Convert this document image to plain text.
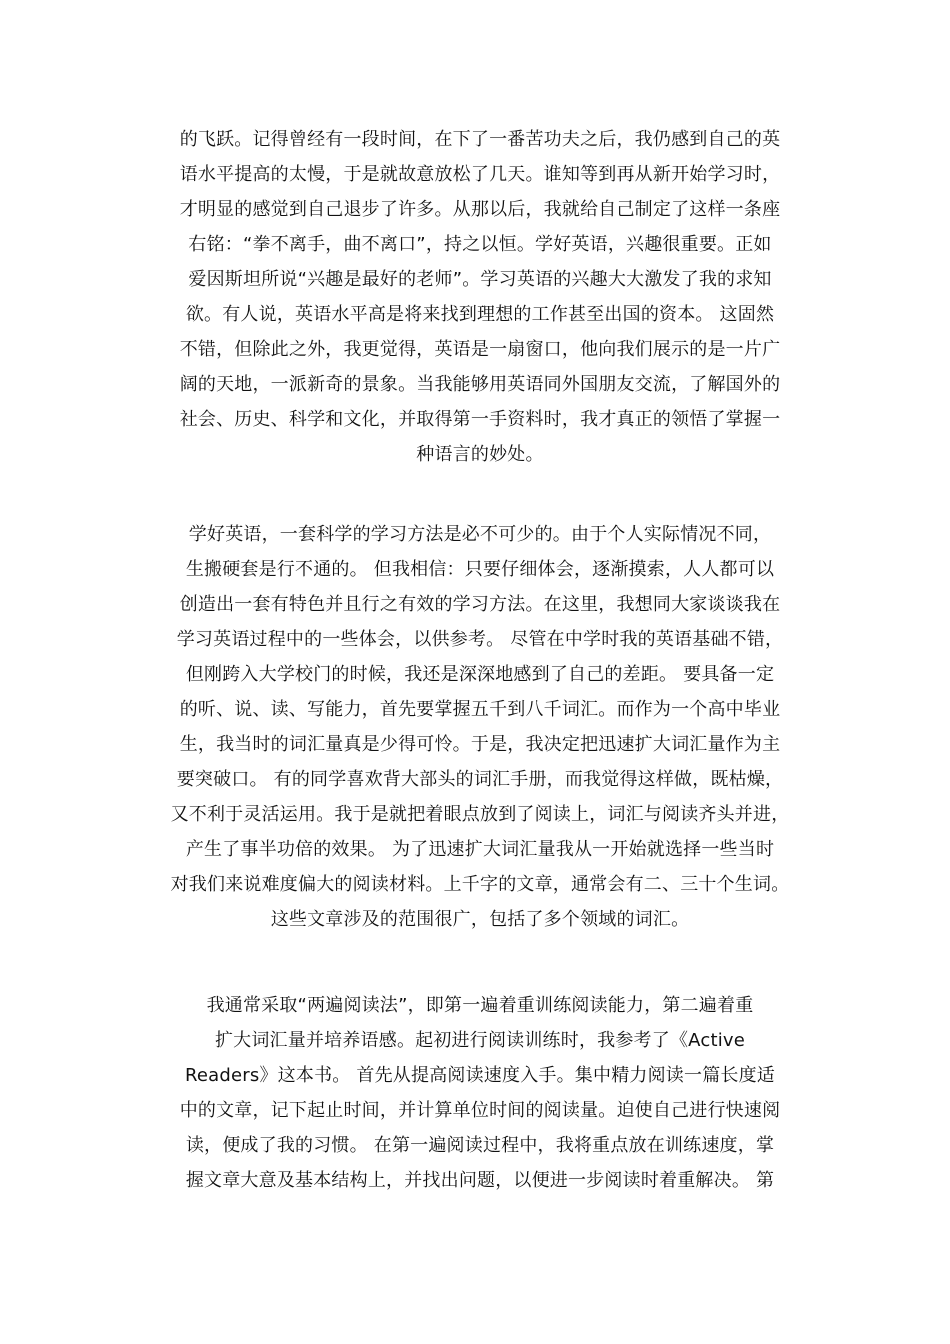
的飞跃。记得曾经有一段时间，在下了一番苦功夫之后，我仍感到自己的英
语水平提高的太慢，于是就故意放松了几天。谁知等到再从新开始学习时，
才明显的感觉到自己退步了许多。从那以后，我就给自己制定了这样一条座
右铭：“拳不离手，曲不离口”，持之以恒。学好英语，兴趣很重要。正如
爱因斯坦所说“兴趣是最好的老师”。学习英语的兴趣大大激发了我的求知
欲。有人说，英语水平高是将来找到理想的工作甚至出国的资本。 这固然
不错，但除此之外，我更觉得，英语是一扇窗口，他向我们展示的是一片广
阔的天地，一派新奇的景象。当我能够用英语同外国朋友交流，了解国外的
社会、历史、科学和文化，并取得第一手资料时，我才真正的领悟了掌握一
种语言的妙处。
学好英语，一套科学的学习方法是必不可少的。由于个人实际情况不同，
生搬硬套是行不通的。 但我相信：只要仔细体会，逐渐摸索，人人都可以
创造出一套有特色并且行之有效的学习方法。在这里，我想同大家谈谈我在
学习英语过程中的一些体会，以供参考。 尽管在中学时我的英语基础不错，
但刚跨入大学校门的时候，我还是深深地感到了自己的差距。 要具备一定
的听、说、读、写能力，首先要掌握五千到八千词汇。而作为一个高中毕业
生，我当时的词汇量真是少得可怜。于是，我决定把迅速扩大词汇量作为主
要突破口。 有的同学喜欢背大部头的词汇手册，而我觉得这样做，既枯燥，
又不利于灵活运用。我于是就把着眼点放到了阅读上，词汇与阅读齐头并进，
产生了事半功倍的效果。 为了迅速扩大词汇量我从一开始就选择一些当时
对我们来说难度偏大的阅读材料。上千字的文章，通常会有二、三十个生词。
这些文章涉及的范围很广，包括了多个领域的词汇。
我通常采取“两遍阅读法”，即第一遍着重训练阅读能力，第二遍着重
扩大词汇量并培养语感。起初进行阅读训练时，我参考了《Active
Readers》这本书。 首先从提高阅读速度入手。集中精力阅读一篇长度适
中的文章，记下起止时间，并计算单位时间的阅读量。迫使自己进行快速阅
读，便成了我的习惯。 在第一遍阅读过程中，我将重点放在训练速度，掌
握文章大意及基本结构上，并找出问题，以便进一步阅读时着重解决。 第
